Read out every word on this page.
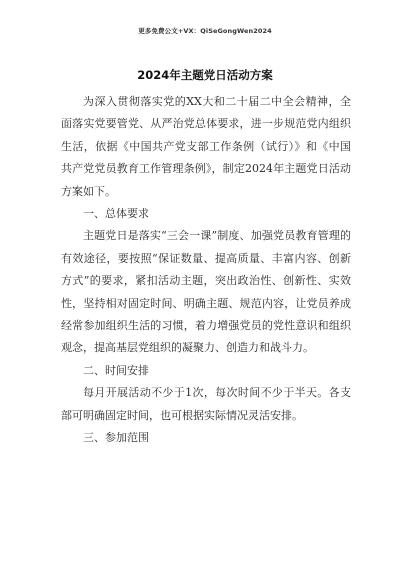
更多免费公文+VX：QiSeGongWen2024
2024年主题党日活动方案

为深入贯彻落实党的XX大和二十届二中全会精神，全面落实党要管党、从严治党总体要求，进一步规范党内组织生活，依据《中国共产党支部工作条例（试行）》和《中国共产党党员教育工作管理条例》，制定2024年主题党日活动方案如下。

一、总体要求

主题党日是落实“三会一课”制度、加强党员教育管理的有效途径，要按照“保证数量、提高质量、丰富内容、创新方式”的要求，紧扣活动主题，突出政治性、创新性、实效性，坚持相对固定时间、明确主题、规范内容，让党员养成经常参加组织生活的习惯，着力增强党员的党性意识和组织观念，提高基层党组织的凝聚力、创造力和战斗力。

二、时间安排

每月开展活动不少于1次，每次时间不少于半天。各支部可明确固定时间，也可根据实际情况灵活安排。

三、参加范围
